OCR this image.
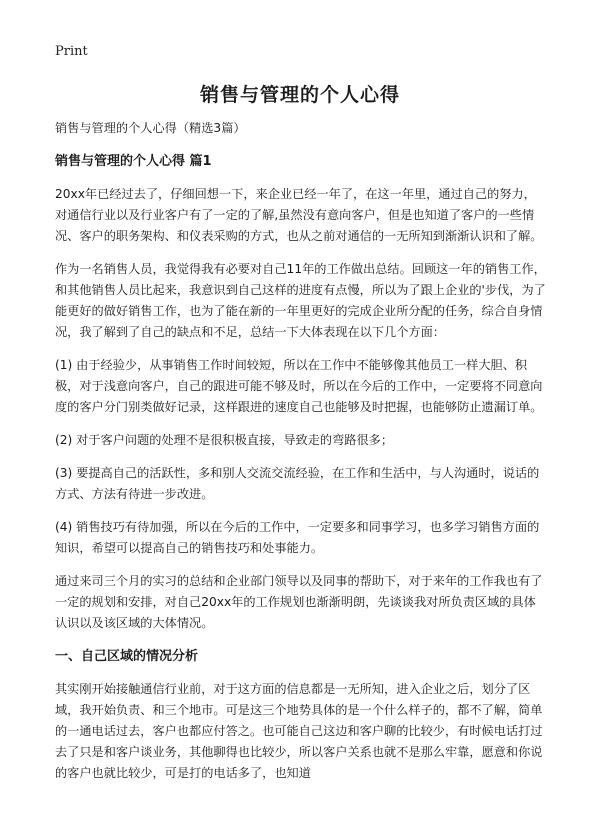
Print
销售与管理的个人心得

销售与管理的个人心得（精选3篇）

销售与管理的个人心得 篇1

20xx年已经过去了，仔细回想一下，来企业已经一年了，在这一年里，通过自己的努力，对通信行业以及行业客户有了一定的了解,虽然没有意向客户，但是也知道了客户的一些情况、客户的职务架构、和仪表采购的方式，也从之前对通信的一无所知到渐渐认识和了解。

作为一名销售人员，我觉得我有必要对自己11年的工作做出总结。回顾这一年的销售工作，和其他销售人员比起来，我意识到自己这样的进度有点慢，所以为了跟上企业的'步伐，为了能更好的做好销售工作，也为了能在新的一年里更好的完成企业所分配的任务，综合自身情况，我了解到了自己的缺点和不足，总结一下大体表现在以下几个方面：

(1) 由于经验少，从事销售工作时间较短，所以在工作中不能够像其他员工一样大胆、积极，对于浅意向客户，自己的跟进可能不够及时，所以在今后的工作中，一定要将不同意向度的客户分门别类做好记录，这样跟进的速度自己也能够及时把握，也能够防止遗漏订单。

(2) 对于客户问题的处理不是很积极直接，导致走的弯路很多；

(3) 要提高自己的活跃性，多和别人交流交流经验，在工作和生活中，与人沟通时，说话的方式、方法有待进一步改进。

(4) 销售技巧有待加强，所以在今后的工作中，一定要多和同事学习，也多学习销售方面的知识，希望可以提高自己的销售技巧和处事能力。

通过来司三个月的实习的总结和企业部门领导以及同事的帮助下，对于来年的工作我也有了一定的规划和安排，对自己20xx年的工作规划也渐渐明朗，先谈谈我对所负责区域的具体认识以及该区域的大体情况。

一、自己区域的情况分析

其实刚开始接触通信行业前，对于这方面的信息都是一无所知，进入企业之后，划分了区域，我开始负责、和三个地市。可是这三个地势具体的是一个什么样子的，都不了解，简单的一通电话过去，客户也都应付答之。也可能自己这边和客户聊的比较少，有时候电话打过去了只是和客户谈业务，其他聊得也比较少，所以客户关系也就不是那么牢靠，愿意和你说的客户也就比较少，可是打的电话多了，也知道
